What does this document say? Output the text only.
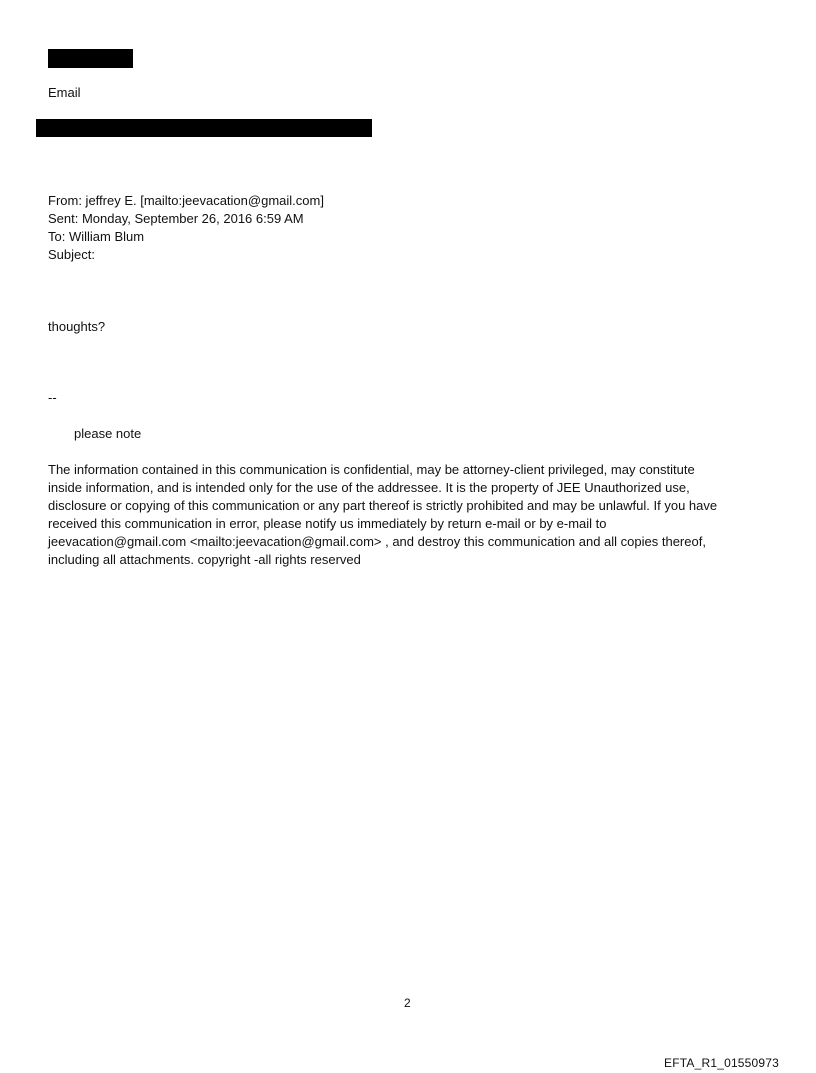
Email
From: jeffrey E. [mailto:jeevacation@gmail.com]
Sent: Monday, September 26, 2016 6:59 AM
To: William Blum
Subject:
thoughts?
--
please note
The information contained in this communication is confidential, may be attorney-client privileged, may constitute
inside information, and is intended only for the use of the addressee. It is the property of JEE Unauthorized use,
disclosure or copying of this communication or any part thereof is strictly prohibited and may be unlawful. If you have
received this communication in error, please notify us immediately by return e-mail or by e-mail to
jeevacation@gmail.com <mailto:jeevacation@gmail.com> , and destroy this communication and all copies thereof,
including all attachments. copyright -all rights reserved
2
EFTA_R1_01550973
